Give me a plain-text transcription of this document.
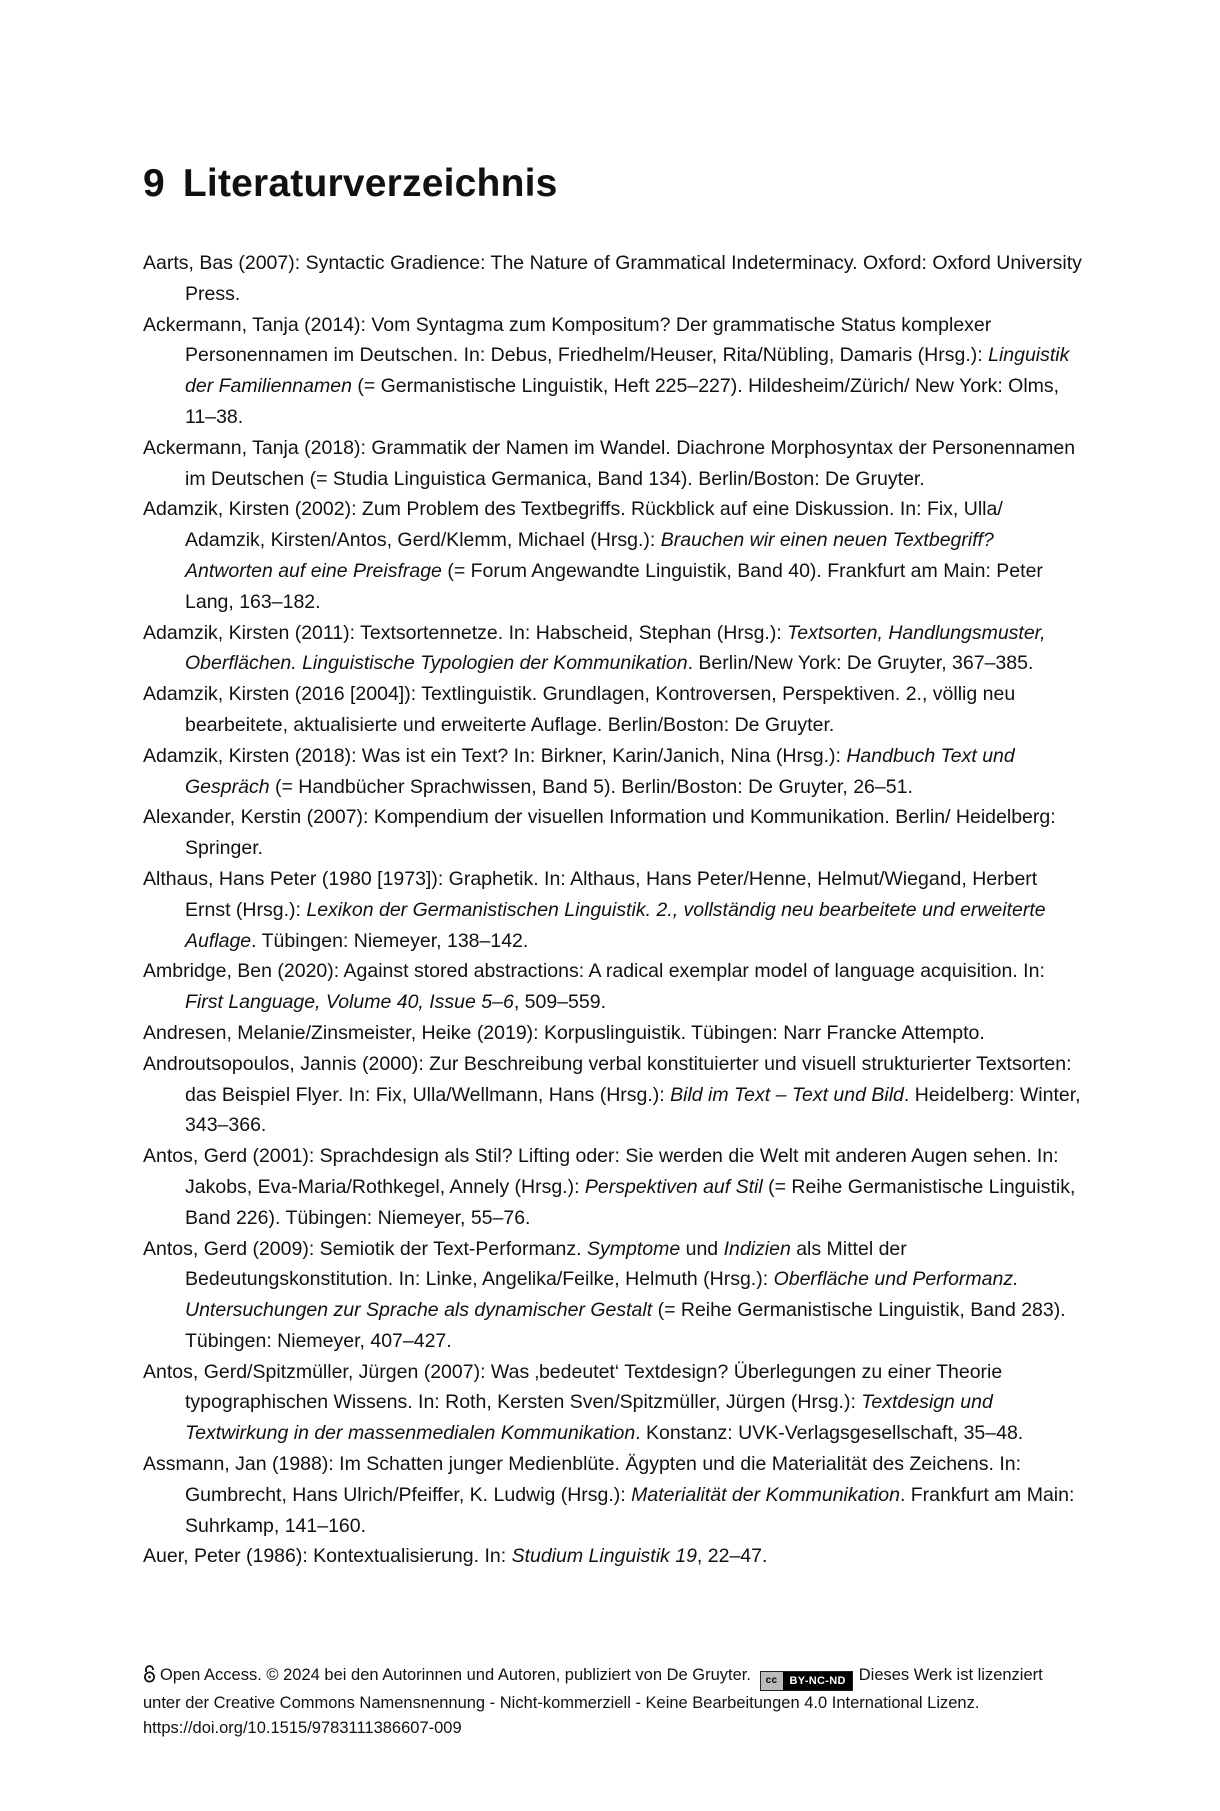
9 Literaturverzeichnis
Aarts, Bas (2007): Syntactic Gradience: The Nature of Grammatical Indeterminacy. Oxford: Oxford University Press.
Ackermann, Tanja (2014): Vom Syntagma zum Kompositum? Der grammatische Status komplexer Personennamen im Deutschen. In: Debus, Friedhelm/Heuser, Rita/Nübling, Damaris (Hrsg.): Linguistik der Familiennamen (= Germanistische Linguistik, Heft 225–227). Hildesheim/Zürich/ New York: Olms, 11–38.
Ackermann, Tanja (2018): Grammatik der Namen im Wandel. Diachrone Morphosyntax der Personennamen im Deutschen (= Studia Linguistica Germanica, Band 134). Berlin/Boston: De Gruyter.
Adamzik, Kirsten (2002): Zum Problem des Textbegriffs. Rückblick auf eine Diskussion. In: Fix, Ulla/ Adamzik, Kirsten/Antos, Gerd/Klemm, Michael (Hrsg.): Brauchen wir einen neuen Textbegriff? Antworten auf eine Preisfrage (= Forum Angewandte Linguistik, Band 40). Frankfurt am Main: Peter Lang, 163–182.
Adamzik, Kirsten (2011): Textsortennetze. In: Habscheid, Stephan (Hrsg.): Textsorten, Handlungsmuster, Oberflächen. Linguistische Typologien der Kommunikation. Berlin/New York: De Gruyter, 367–385.
Adamzik, Kirsten (2016 [2004]): Textlinguistik. Grundlagen, Kontroversen, Perspektiven. 2., völlig neu bearbeitete, aktualisierte und erweiterte Auflage. Berlin/Boston: De Gruyter.
Adamzik, Kirsten (2018): Was ist ein Text? In: Birkner, Karin/Janich, Nina (Hrsg.): Handbuch Text und Gespräch (= Handbücher Sprachwissen, Band 5). Berlin/Boston: De Gruyter, 26–51.
Alexander, Kerstin (2007): Kompendium der visuellen Information und Kommunikation. Berlin/ Heidelberg: Springer.
Althaus, Hans Peter (1980 [1973]): Graphetik. In: Althaus, Hans Peter/Henne, Helmut/Wiegand, Herbert Ernst (Hrsg.): Lexikon der Germanistischen Linguistik. 2., vollständig neu bearbeitete und erweiterte Auflage. Tübingen: Niemeyer, 138–142.
Ambridge, Ben (2020): Against stored abstractions: A radical exemplar model of language acquisition. In: First Language, Volume 40, Issue 5–6, 509–559.
Andresen, Melanie/Zinsmeister, Heike (2019): Korpuslinguistik. Tübingen: Narr Francke Attempto.
Androutsopoulos, Jannis (2000): Zur Beschreibung verbal konstituierter und visuell strukturierter Textsorten: das Beispiel Flyer. In: Fix, Ulla/Wellmann, Hans (Hrsg.): Bild im Text – Text und Bild. Heidelberg: Winter, 343–366.
Antos, Gerd (2001): Sprachdesign als Stil? Lifting oder: Sie werden die Welt mit anderen Augen sehen. In: Jakobs, Eva-Maria/Rothkegel, Annely (Hrsg.): Perspektiven auf Stil (= Reihe Germanistische Linguistik, Band 226). Tübingen: Niemeyer, 55–76.
Antos, Gerd (2009): Semiotik der Text-Performanz. Symptome und Indizien als Mittel der Bedeutungskonstitution. In: Linke, Angelika/Feilke, Helmuth (Hrsg.): Oberfläche und Performanz. Untersuchungen zur Sprache als dynamischer Gestalt (= Reihe Germanistische Linguistik, Band 283). Tübingen: Niemeyer, 407–427.
Antos, Gerd/Spitzmüller, Jürgen (2007): Was ‚bedeutet‘ Textdesign? Überlegungen zu einer Theorie typographischen Wissens. In: Roth, Kersten Sven/Spitzmüller, Jürgen (Hrsg.): Textdesign und Textwirkung in der massenmedialen Kommunikation. Konstanz: UVK-Verlagsgesellschaft, 35–48.
Assmann, Jan (1988): Im Schatten junger Medienblüte. Ägypten und die Materialität des Zeichens. In: Gumbrecht, Hans Ulrich/Pfeiffer, K. Ludwig (Hrsg.): Materialität der Kommunikation. Frankfurt am Main: Suhrkamp, 141–160.
Auer, Peter (1986): Kontextualisierung. In: Studium Linguistik 19, 22–47.
Open Access. © 2024 bei den Autorinnen und Autoren, publiziert von De Gruyter.	cc	BY-NC-ND Dieses Werk ist lizenziert unter der Creative Commons Namensnennung - Nicht-kommerziell - Keine Bearbeitungen 4.0 International Lizenz.
https://doi.org/10.1515/9783111386607-009
